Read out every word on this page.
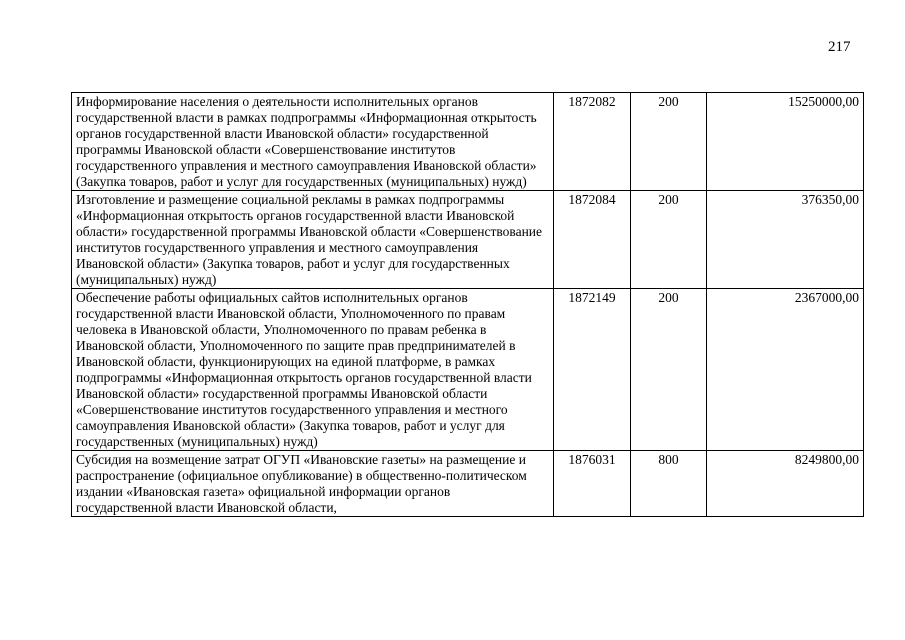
217
Информирование населения о деятельности исполнительных органов государственной власти в рамках подпрограммы «Информационная открытость органов государственной власти Ивановской области» государственной программы Ивановской области «Совершенствование институтов государственного управления и местного самоуправления Ивановской области» (Закупка товаров, работ и услуг для государственных (муниципальных) нужд)	1872082	200	15250000,00
Изготовление и размещение социальной рекламы в рамках подпрограммы «Информационная открытость органов государственной власти Ивановской области» государственной программы Ивановской области «Совершенствование институтов государственного управления и местного самоуправления Ивановской области» (Закупка товаров, работ и услуг для государственных (муниципальных) нужд)	1872084	200	376350,00
Обеспечение работы официальных сайтов исполнительных органов государственной власти Ивановской области, Уполномоченного по правам человека в Ивановской области, Уполномоченного по правам ребенка в Ивановской области, Уполномоченного по защите прав предпринимателей в Ивановской области, функционирующих на единой платформе, в рамках подпрограммы «Информационная открытость органов государственной власти Ивановской области» государственной программы Ивановской области «Совершенствование институтов государственного управления и местного самоуправления Ивановской области» (Закупка товаров, работ и услуг для государственных (муниципальных) нужд)	1872149	200	2367000,00
Субсидия на возмещение затрат ОГУП «Ивановские газеты» на размещение и распространение (официальное опубликование) в общественно-политическом издании «Ивановская газета» официальной информации органов государственной власти Ивановской области,	1876031	800	8249800,00
